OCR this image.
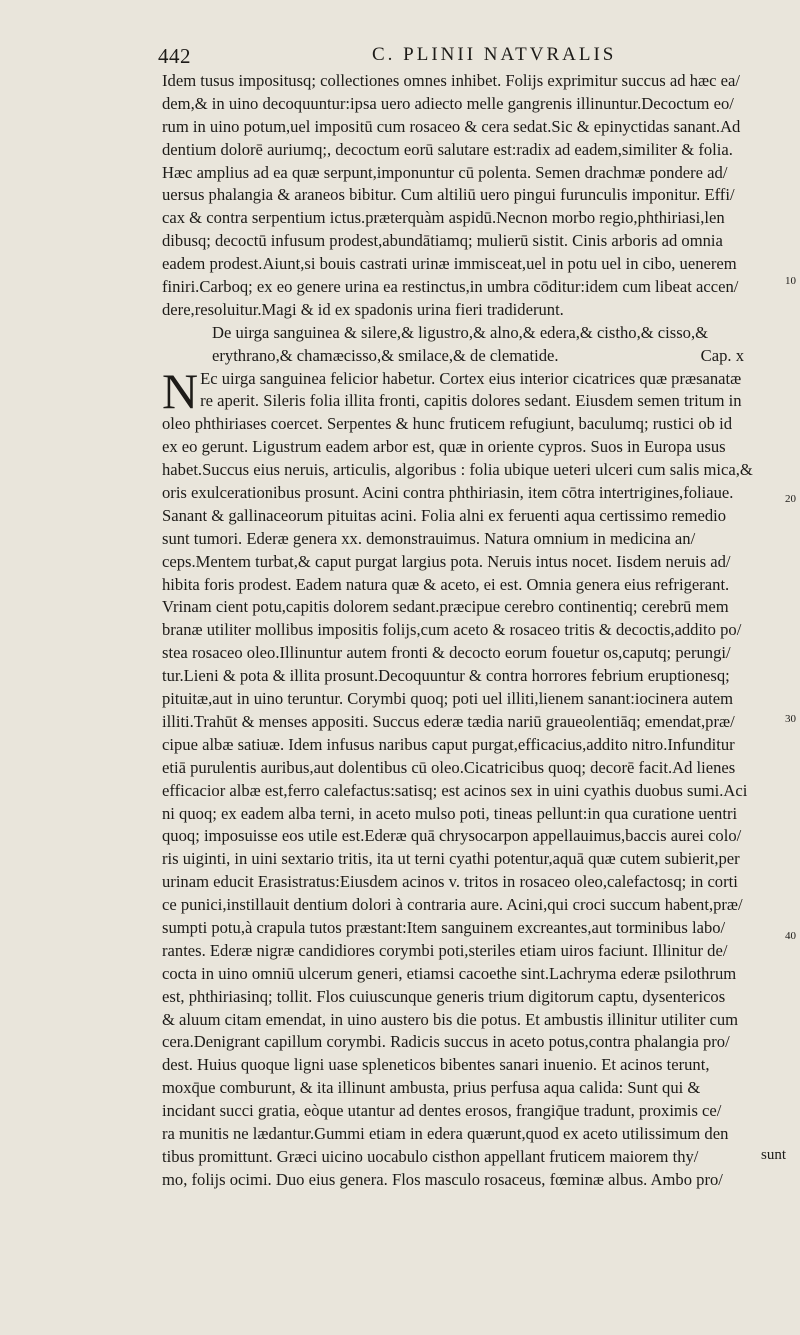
442	C. PLINII NATVRALIS
Idem tusus impositusq; collectiones omnes inhibet. Folijs exprimitur succus ad hæc ea/
dem,& in uino decoquuntur:ipsa uero adiecto melle gangrenis illinuntur.Decoctum eo/
rum in uino potum,uel impositū cum rosaceo & cera sedat.Sic & epinyctidas sanant.Ad
dentium dolorē auriumq;, decoctum eorū salutare est:radix ad eadem,similiter & folia.
Hæc amplius ad ea quæ serpunt,imponuntur cū polenta. Semen drachmæ pondere ad/
uersus phalangia & araneos bibitur. Cum altiliū uero pingui furunculis imponitur. Effi/
cax & contra serpentium ictus.præterquàm aspidū.Necnon morbo regio,phthiriasi,len
dibusq; decoctū infusum prodest,abundātiamq; mulierū sistit. Cinis arboris ad omnia
eadem prodest.Aiunt,si bouis castrati urinæ immisceat,uel in potu uel in cibo, uenerem
finiri.Carboq; ex eo genere urina ea restinctus,in umbra cōditur:idem cum libeat accen/
dere,resoluitur.Magi & id ex spadonis urina fieri tradiderunt.
De uirga sanguinea & silere,& ligustro,& alno,& edera,& cistho,& cisso,&
erythrano,& chamæcisso,& smilace,& de clematide.	Cap. x
N Ec uirga sanguinea felicior habetur. Cortex eius interior cicatrices quæ præsanatæ
re aperit. Sileris folia illita fronti, capitis dolores sedant. Eiusdem semen tritum in
oleo phthiriases coercet. Serpentes & hunc fruticem refugiunt, baculumq; rustici ob id
ex eo gerunt. Ligustrum eadem arbor est, quæ in oriente cypros. Suos in Europa usus
habet.Succus eius neruis, articulis, algoribus : folia ubique ueteri ulceri cum salis mica,&
oris exulcerationibus prosunt. Acini contra phthiriasin, item cōtra intertrigines,foliaue.
Sanant & gallinaceorum pituitas acini. Folia alni ex feruenti aqua certissimo remedio
sunt tumori. Ederæ genera xx. demonstrauimus. Natura omnium in medicina an/
ceps.Mentem turbat,& caput purgat largius pota. Neruis intus nocet. Iisdem neruis ad/
hibita foris prodest. Eadem natura quæ & aceto, ei est. Omnia genera eius refrigerant.
Vrinam cient potu,capitis dolorem sedant.præcipue cerebro continentiq; cerebrū mem
branæ utiliter mollibus impositis folijs,cum aceto & rosaceo tritis & decoctis,addito po/
stea rosaceo oleo.Illinuntur autem fronti & decocto eorum fouetur os,caputq; perungi/
tur.Lieni & pota & illita prosunt.Decoquuntur & contra horrores febrium eruptionesq;
pituitæ,aut in uino teruntur. Corymbi quoq; poti uel illiti,lienem sanant:iocinera autem
illiti.Trahūt & menses appositi. Succus ederæ tædia nariū graueolentiāq; emendat,præ/
cipue albæ satiuæ. Idem infusus naribus caput purgat,efficacius,addito nitro.Infunditur
etiā purulentis auribus,aut dolentibus cū oleo.Cicatricibus quoq; decorē facit.Ad lienes
efficacior albæ est,ferro calefactus:satisq; est acinos sex in uini cyathis duobus sumi.Aci
ni quoq; ex eadem alba terni, in aceto mulso poti, tineas pellunt:in qua curatione uentri
quoq; imposuisse eos utile est.Ederæ quā chrysocarpon appellauimus,baccis aurei colo/
ris uiginti, in uini sextario tritis, ita ut terni cyathi potentur,aquā quæ cutem subierit,per
urinam educit Erasistratus:Eiusdem acinos v. tritos in rosaceo oleo,calefactosq; in corti
ce punici,instillauit dentium dolori à contraria aure. Acini,qui croci succum habent,præ/
sumpti potu,à crapula tutos præstant:Item sanguinem excreantes,aut torminibus labo/
rantes. Ederæ nigræ candidiores corymbi poti,steriles etiam uiros faciunt. Illinitur de/
cocta in uino omniū ulcerum generi, etiamsi cacoethe sint.Lachryma ederæ psilothrum
est, phthiriasinq; tollit. Flos cuiuscunque generis trium digitorum captu, dysentericos
& aluum citam emendat, in uino austero bis die potus. Et ambustis illinitur utiliter cum
cera.Denigrant capillum corymbi. Radicis succus in aceto potus,contra phalangia pro/
dest. Huius quoque ligni uase spleneticos bibentes sanari inuenio. Et acinos terunt,
moxq̄ue comburunt, & ita illinunt ambusta, prius perfusa aqua calida: Sunt qui &
incidant succi gratia, eòque utantur ad dentes erosos, frangiq̄ue tradunt, proximis ce/
ra munitis ne lædantur.Gummi etiam in edera quærunt,quod ex aceto utilissimum den
tibus promittunt. Græci uicino uocabulo cisthon appellant fruticem maiorem thy/
mo, folijs ocimi. Duo eius genera. Flos masculo rosaceus, fœminæ albus. Ambo pro/
10
20
30
40
sunt
